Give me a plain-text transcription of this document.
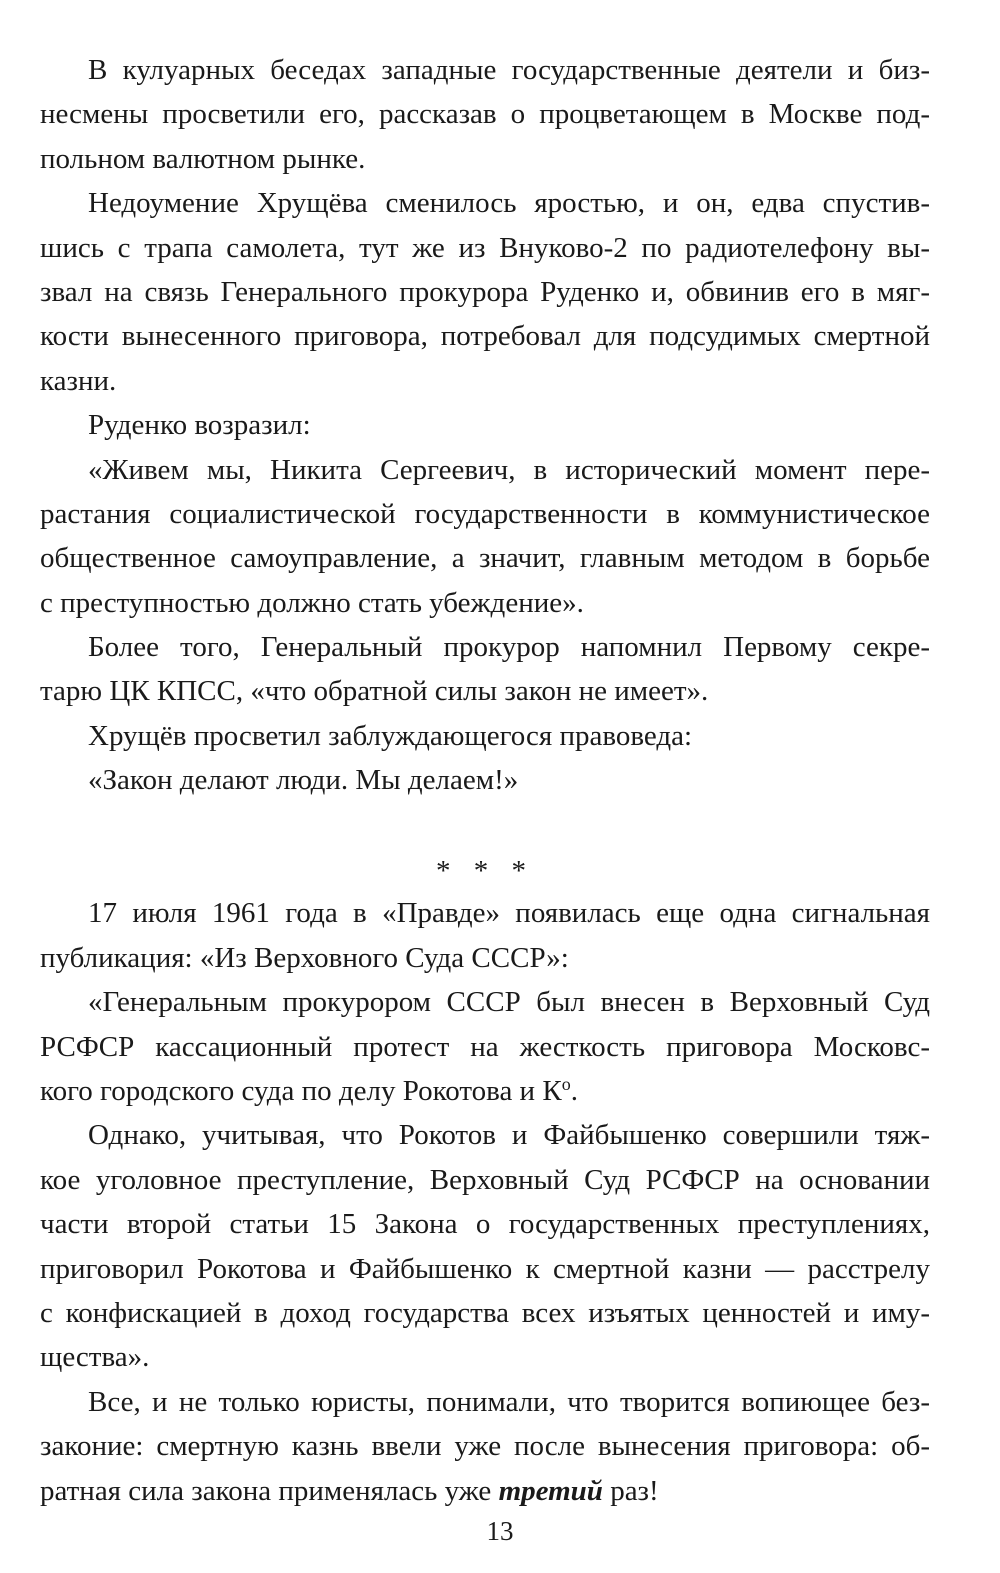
В кулуарных беседах западные государственные деятели и биз-
несмены просветили его, рассказав о процветающем в Москве под-
польном валютном рынке.
Недоумение Хрущёва сменилось яростью, и он, едва спустив-
шись с трапа самолета, тут же из Внуково-2 по радиотелефону вы-
звал на связь Генерального прокурора Руденко и, обвинив его в мяг-
кости вынесенного приговора, потребовал для подсудимых смертной
казни.
Руденко возразил:
«Живем мы, Никита Сергеевич, в исторический момент пере-
растания социалистической государственности в коммунистическое
общественное самоуправление, а значит, главным методом в борьбе
с преступностью должно стать убеждение».
Более того, Генеральный прокурор напомнил Первому секре-
тарю ЦК КПСС, «что обратной силы закон не имеет».
Хрущёв просветил заблуждающегося правоведа:
«Закон делают люди. Мы делаем!»
* * *
17 июля 1961 года в «Правде» появилась еще одна сигнальная
публикация: «Из Верховного Суда СССР»:
«Генеральным прокурором СССР был внесен в Верховный Суд
РСФСР кассационный протест на жесткость приговора Московс-
кого городского суда по делу Рокотова и $К^о$.
Однако, учитывая, что Рокотов и Файбышенко совершили тяж-
кое уголовное преступление, Верховный Суд РСФСР на основании
части второй статьи 15 Закона о государственных преступлениях,
приговорил Рокотова и Файбышенко к смертной казни — расстрелу
с конфискацией в доход государства всех изъятых ценностей и иму-
щества».
Все, и не только юристы, понимали, что творится вопиющее без-
законие: смертную казнь ввели уже после вынесения приговора: об-
ратная сила закона применялась уже третий раз!
13
